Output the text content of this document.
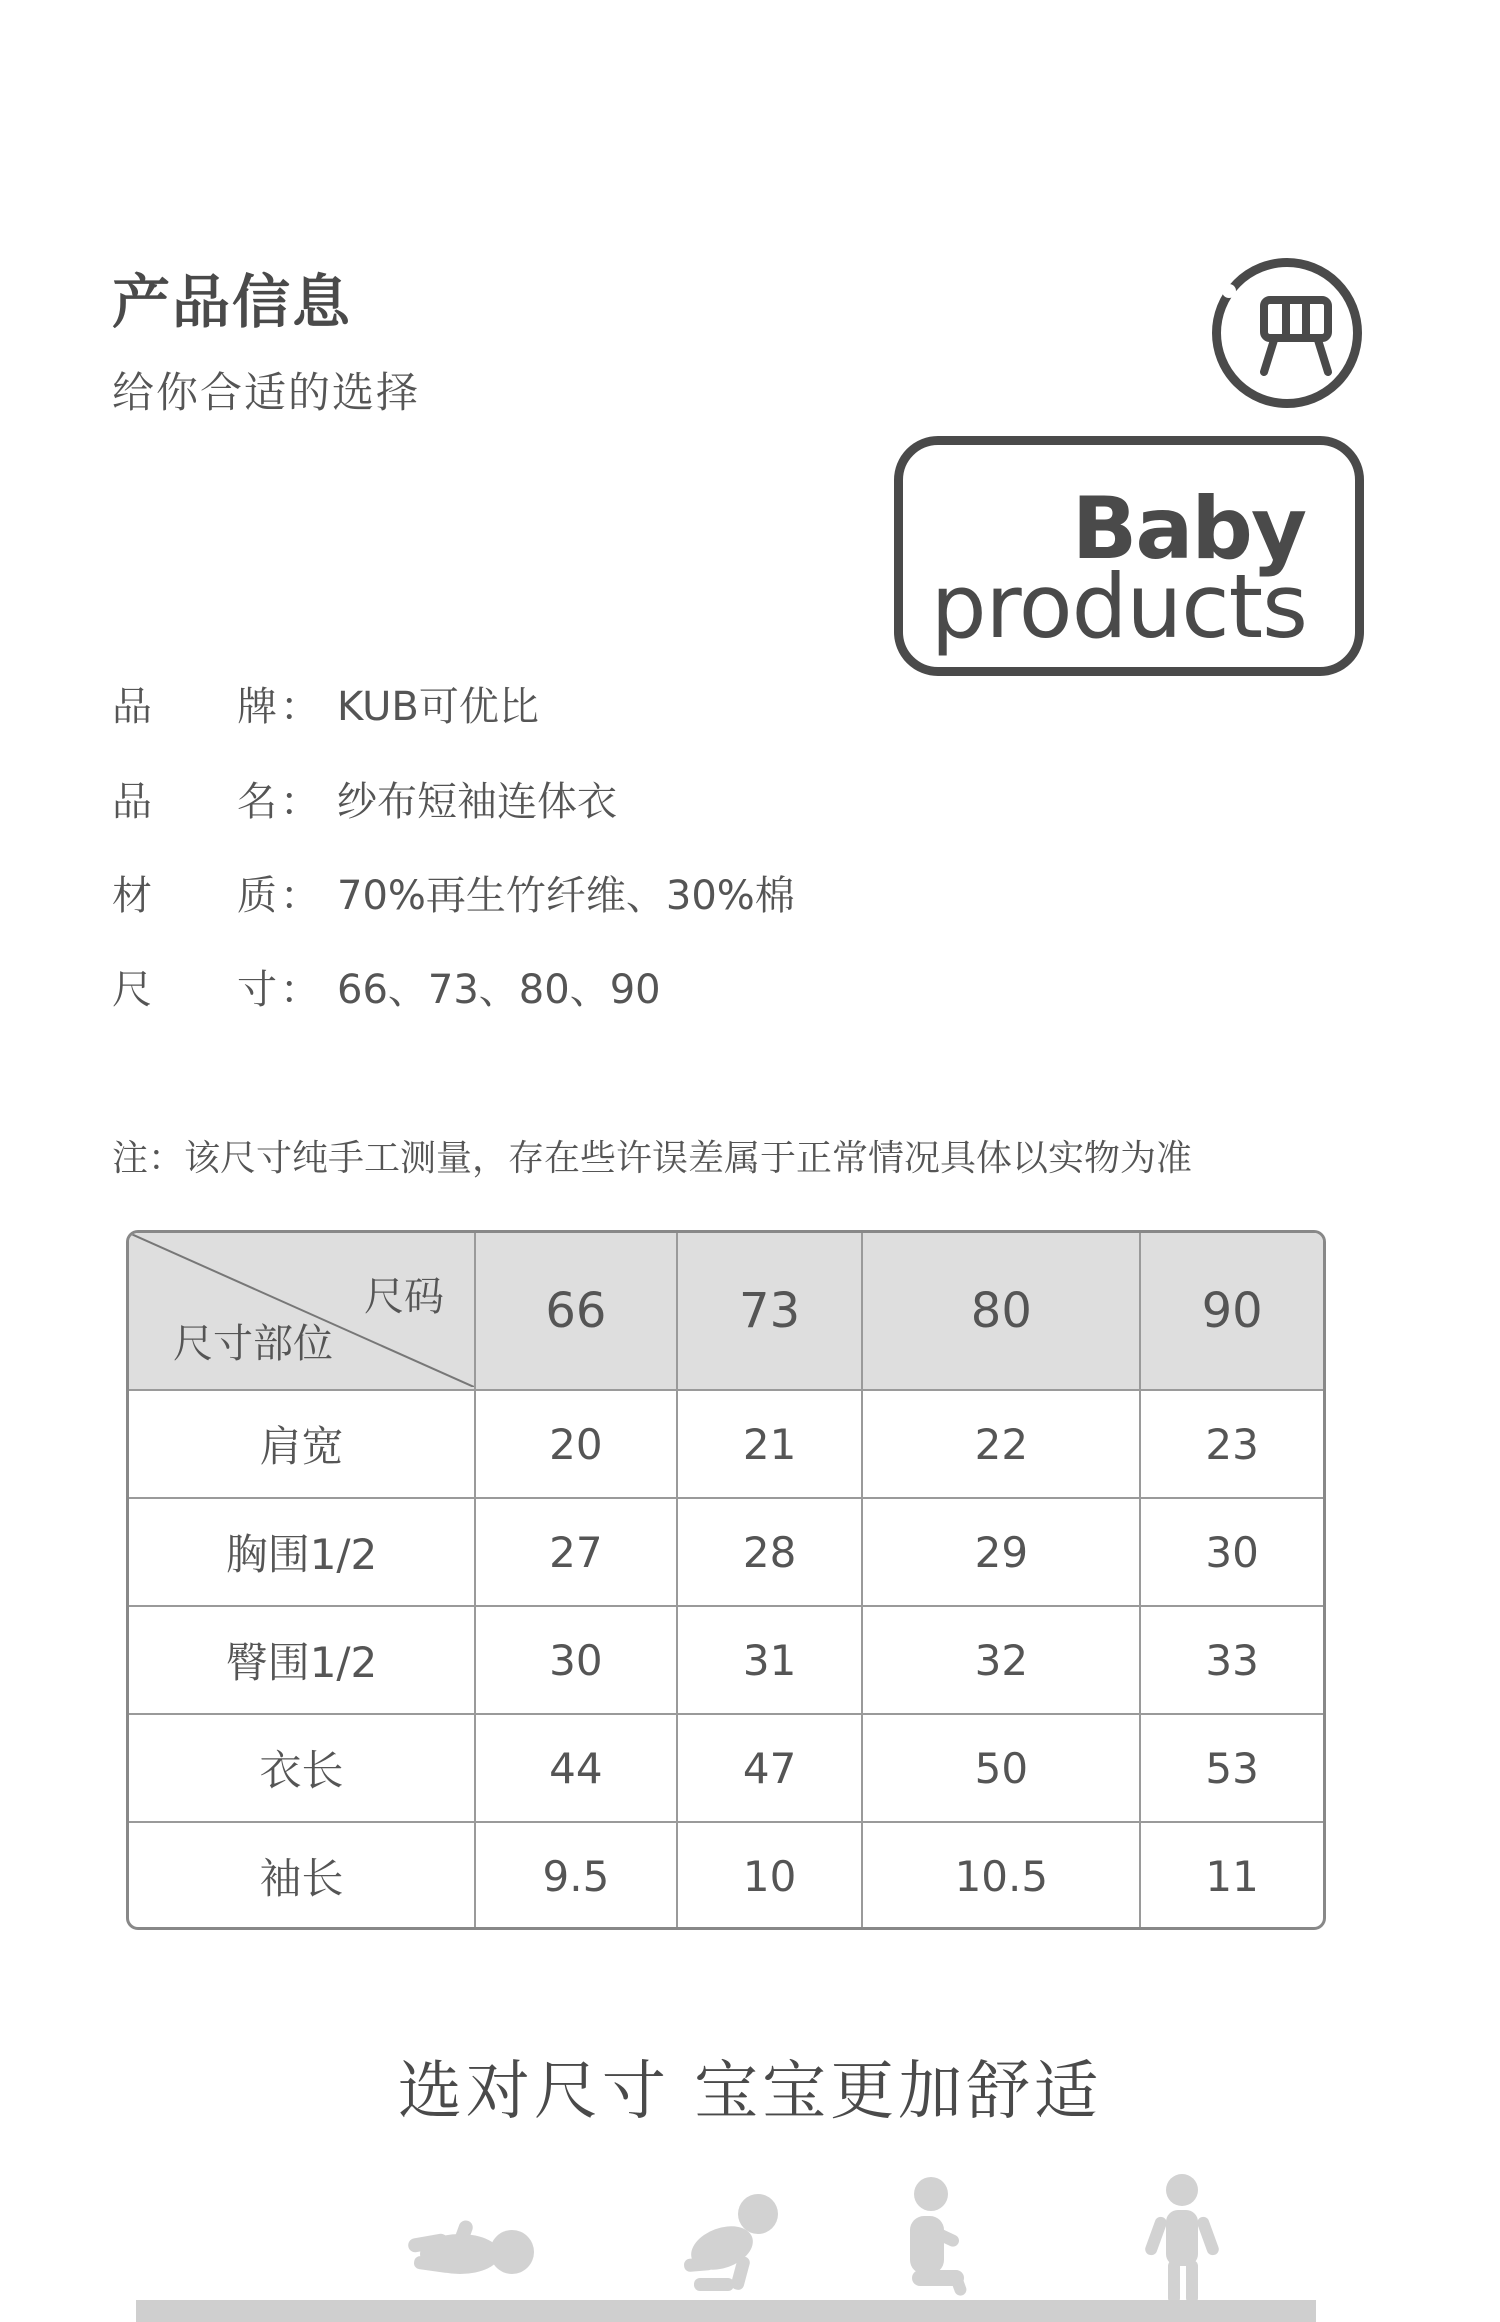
产品信息
给你合适的选择
Baby
products
品 牌 ： KUB可优比
品 名 ： 纱布短袖连体衣
材 质 ： 70%再生竹纤维、30%棉
尺 寸 ： 66、73、80、90
注：该尺寸纯手工测量，存在些许误差属于正常情况具体以实物为准
尺码
尺寸部位	66	73	80	90
肩宽	20	21	22	23
胸围1/2	27	28	29	30
臀围1/2	30	31	32	33
衣长	44	47	50	53
袖长	9.5	10	10.5	11
选对尺寸 宝宝更加舒适
